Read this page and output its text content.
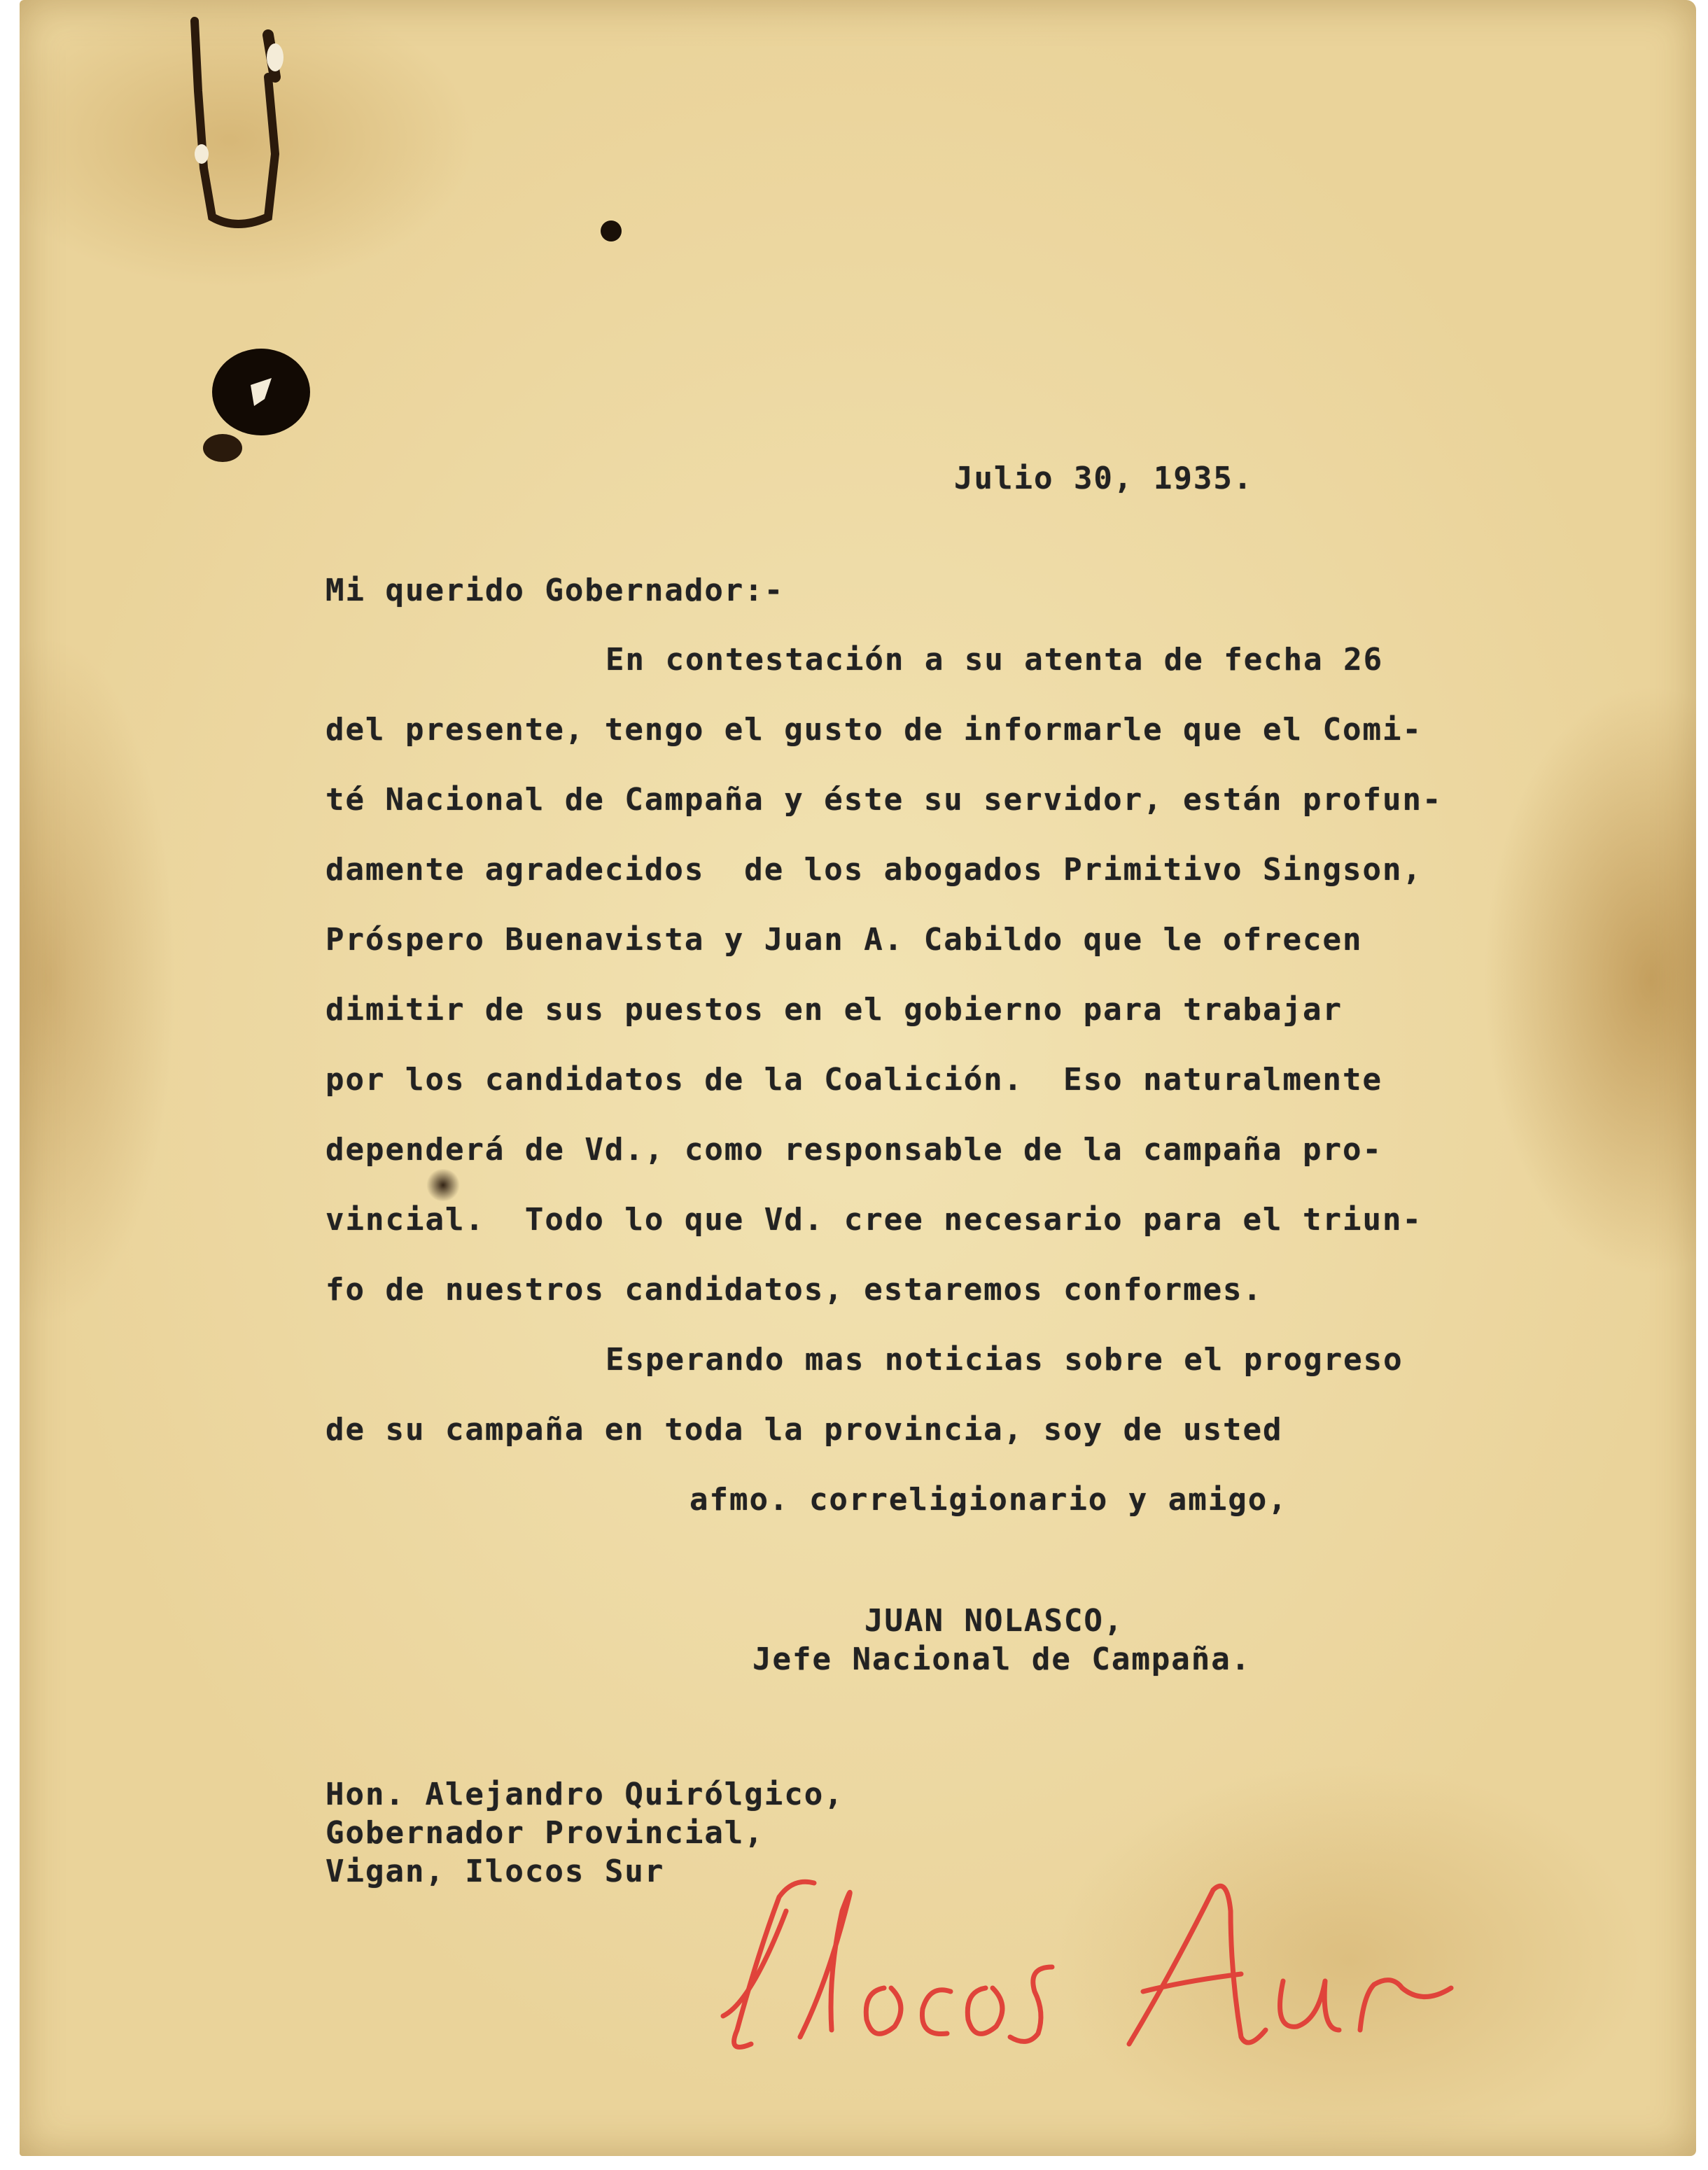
Julio 30, 1935.
Mi querido Gobernador:-
En contestación a su atenta de fecha 26
del presente, tengo el gusto de informarle que el Comi-
té Nacional de Campaña y éste su servidor, están profun-
damente agradecidos  de los abogados Primitivo Singson,
Próspero Buenavista y Juan A. Cabildo que le ofrecen
dimitir de sus puestos en el gobierno para trabajar
por los candidatos de la Coalición.  Eso naturalmente
dependerá de Vd., como responsable de la campaña pro-
vincial.  Todo lo que Vd. cree necesario para el triun-
fo de nuestros candidatos, estaremos conformes.
Esperando mas noticias sobre el progreso
de su campaña en toda la provincia, soy de usted
afmo. correligionario y amigo,
JUAN NOLASCO,
Jefe Nacional de Campaña.
Hon. Alejandro Quirólgico,
Gobernador Provincial,
Vigan, Ilocos Sur
